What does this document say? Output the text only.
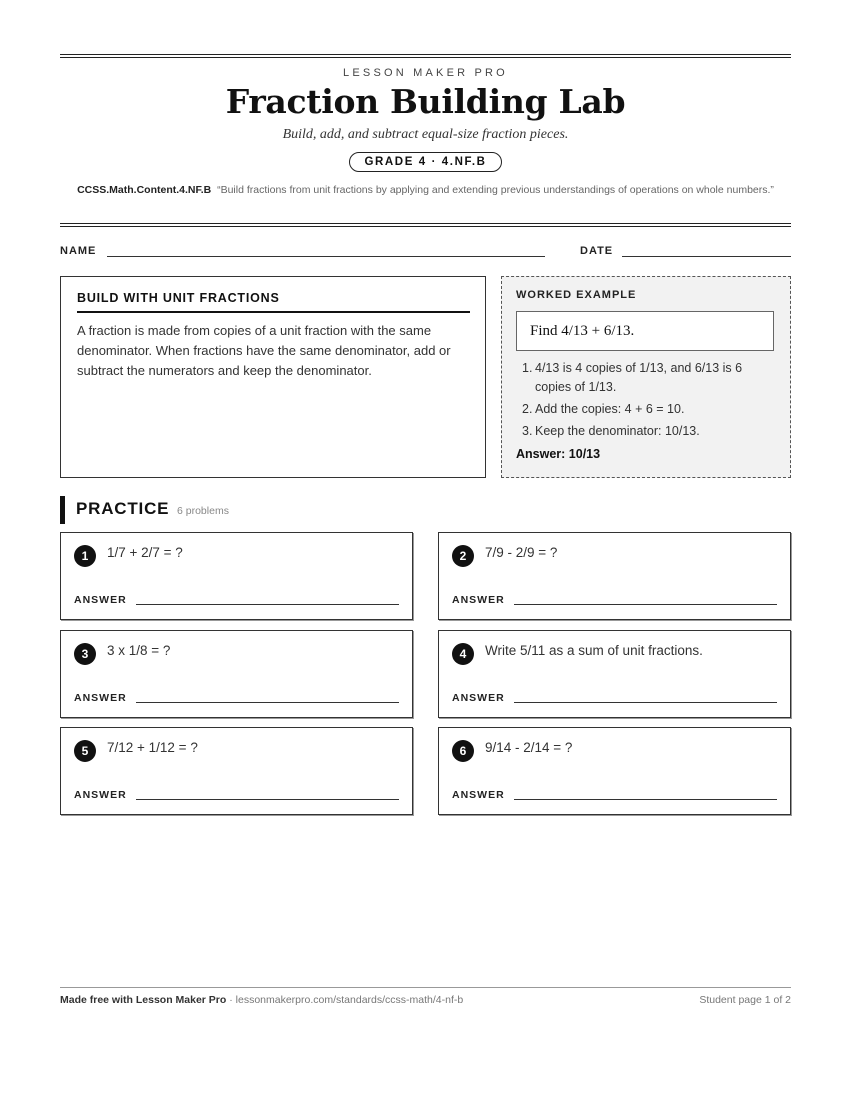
LESSON MAKER PRO
Fraction Building Lab
Build, add, and subtract equal-size fraction pieces.
GRADE 4 · 4.NF.B
CCSS.Math.Content.4.NF.B “Build fractions from unit fractions by applying and extending previous understandings of operations on whole numbers.”
NAME	DATE
BUILD WITH UNIT FRACTIONS
A fraction is made from copies of a unit fraction with the same denominator. When fractions have the same denominator, add or subtract the numerators and keep the denominator.
WORKED EXAMPLE
Find 4/13 + 6/13.
1. 4/13 is 4 copies of 1/13, and 6/13 is 6 copies of 1/13.
2. Add the copies: 4 + 6 = 10.
3. Keep the denominator: 10/13.
Answer: 10/13
PRACTICE 6 problems
1	1/7 + 2/7 = ?
ANSWER
2	7/9 - 2/9 = ?
ANSWER
3	3 x 1/8 = ?
ANSWER
4	Write 5/11 as a sum of unit fractions.
ANSWER
5	7/12 + 1/12 = ?
ANSWER
6	9/14 - 2/14 = ?
ANSWER
Made free with Lesson Maker Pro · lessonmakerpro.com/standards/ccss-math/4-nf-b	Student page 1 of 2
